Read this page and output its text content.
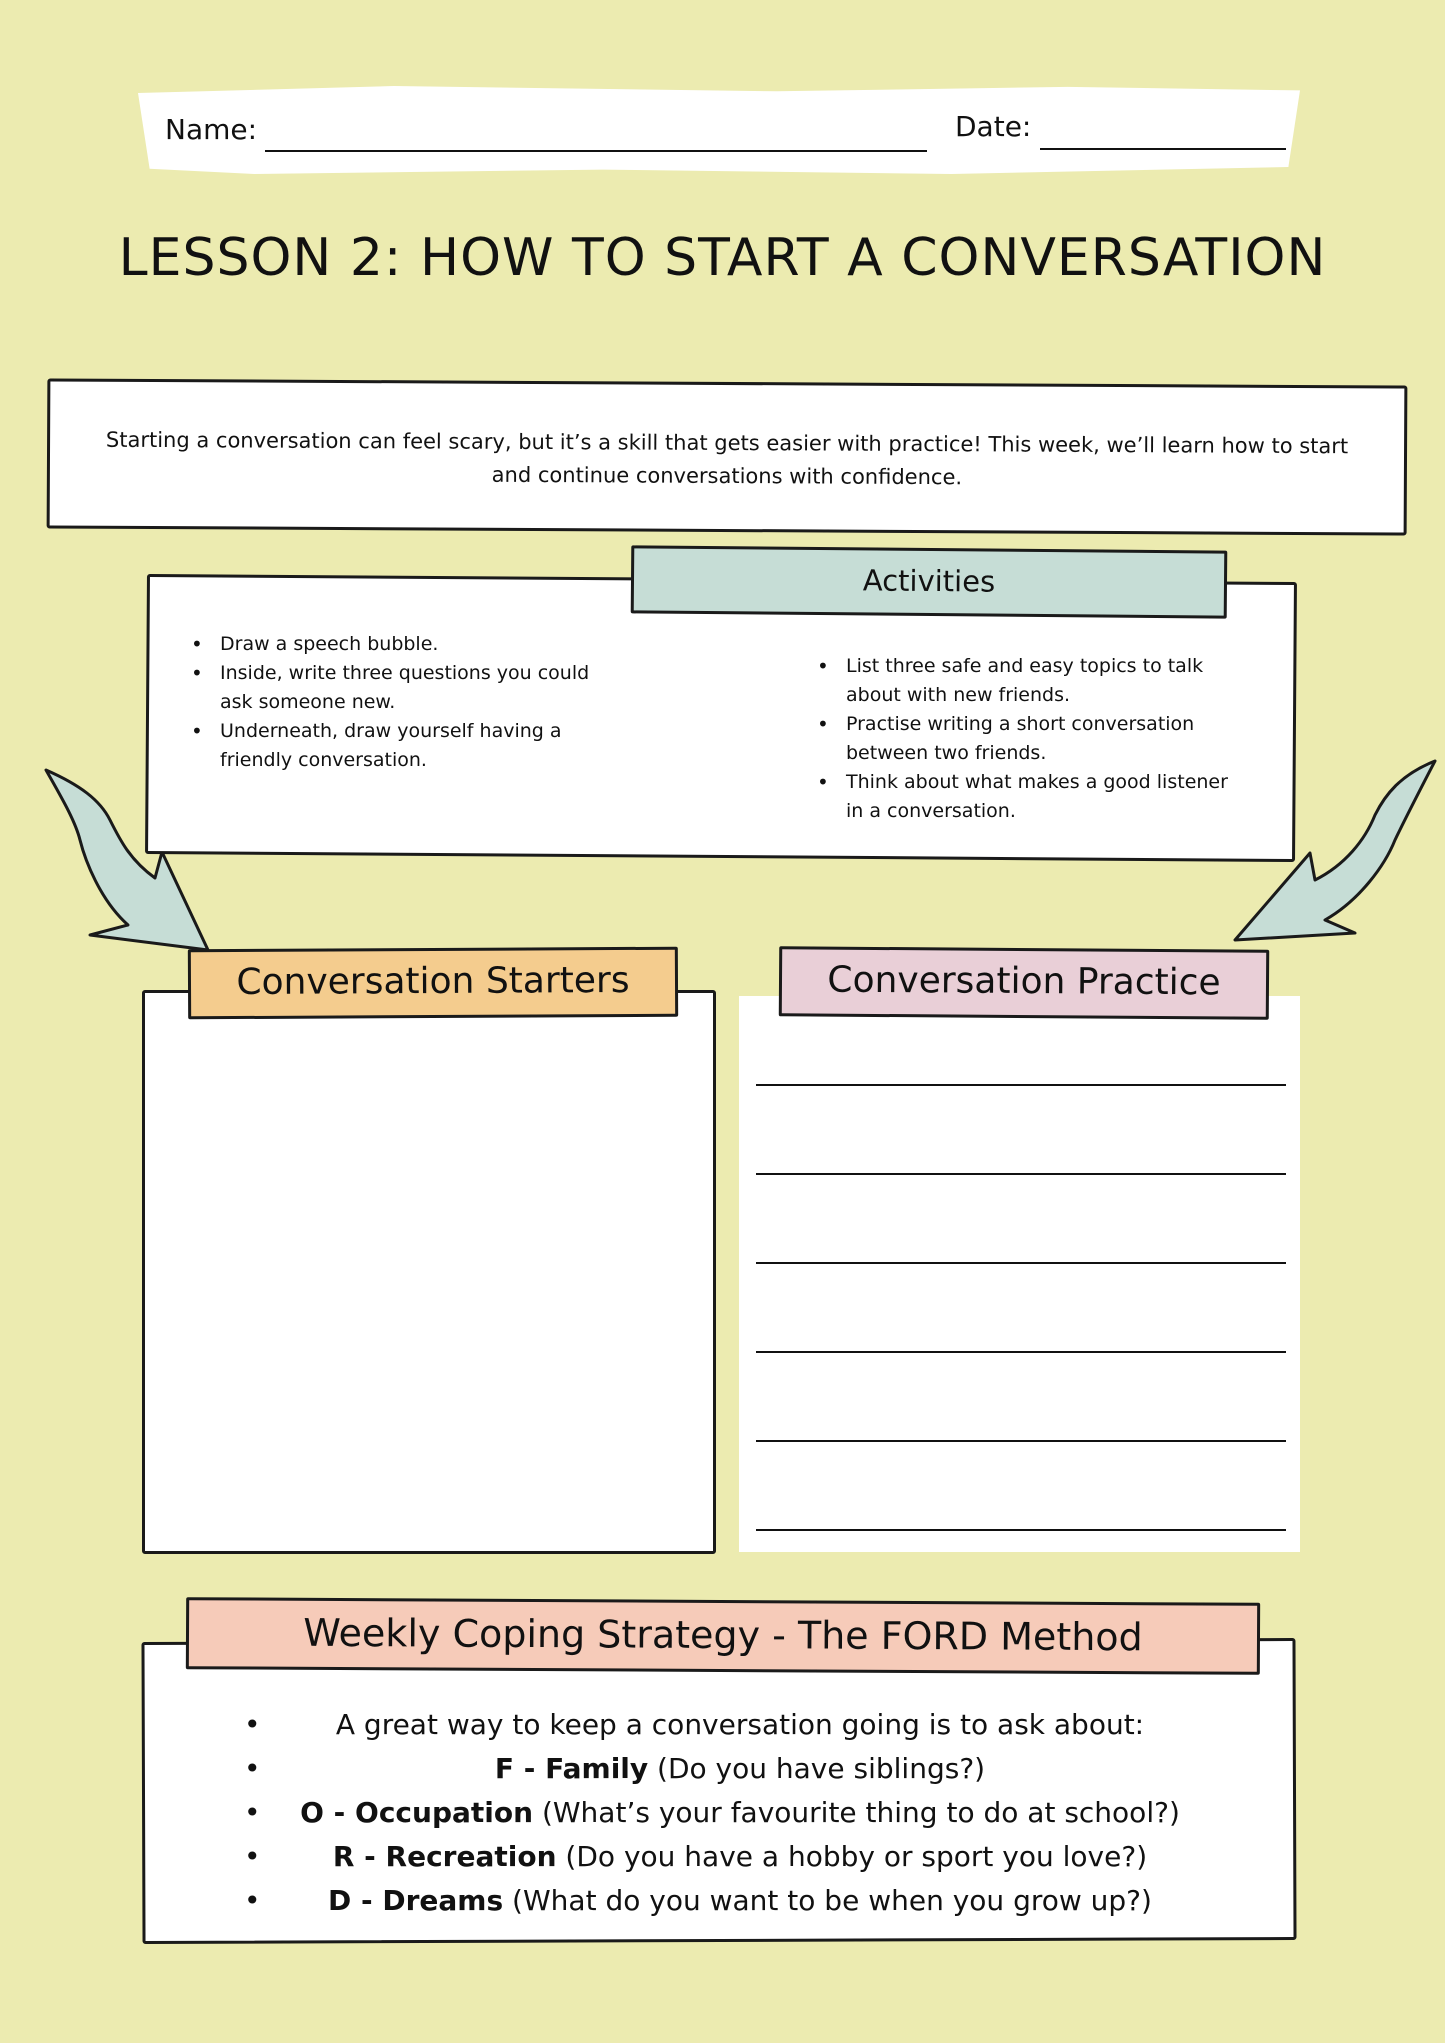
Name:	Date:
LESSON 2: HOW TO START A CONVERSATION

Starting a conversation can feel scary, but it’s a skill that gets easier with practice! This week, we’ll learn how to start and continue conversations with confidence.

Activities
• Draw a speech bubble.
• Inside, write three questions you could ask someone new.
• Underneath, draw yourself having a friendly conversation.
• List three safe and easy topics to talk about with new friends.
• Practise writing a short conversation between two friends.
• Think about what makes a good listener in a conversation.
Conversation Starters	Conversation Practice
Weekly Coping Strategy - The FORD Method
• A great way to keep a conversation going is to ask about:
• F - Family (Do you have siblings?)
• O - Occupation (What’s your favourite thing to do at school?)
• R - Recreation (Do you have a hobby or sport you love?)
• D - Dreams (What do you want to be when you grow up?)
